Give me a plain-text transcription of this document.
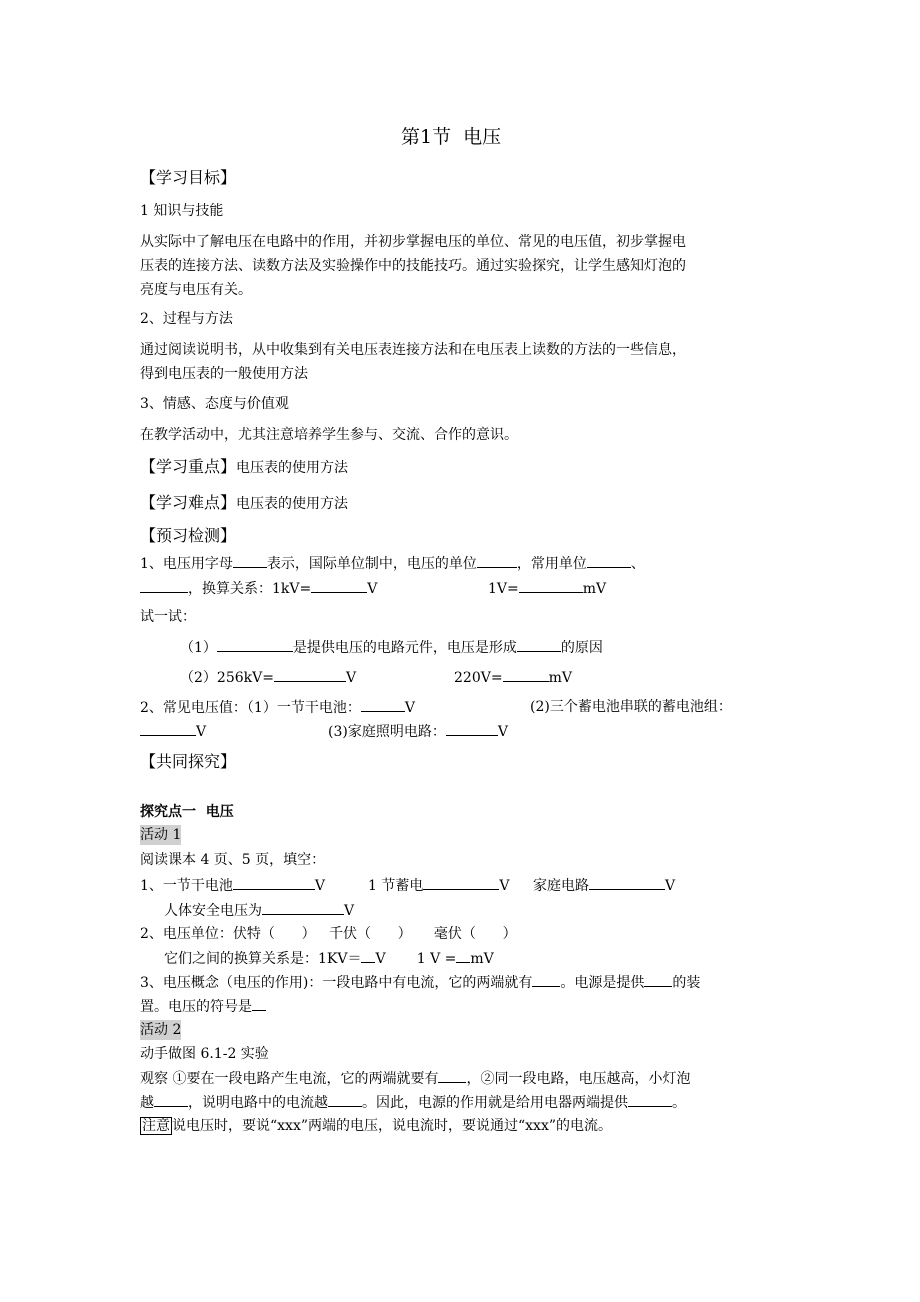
第1节  电压
【学习目标】
1 知识与技能
从实际中了解电压在电路中的作用，并初步掌握电压的单位、常见的电压值，初步掌握电
压表的连接方法、读数方法及实验操作中的技能技巧。通过实验探究，让学生感知灯泡的
亮度与电压有关。
2、过程与方法
通过阅读说明书，从中收集到有关电压表连接方法和在电压表上读数的方法的一些信息，
得到电压表的一般使用方法
3、情感、态度与价值观
在教学活动中，尤其注意培养学生参与、交流、合作的意识。
【学习重点】电压表的使用方法
【学习难点】电压表的使用方法
【预习检测】
1、电压用字母 表示，国际单位制中，电压的单位	，常用单位	、
，换算关系：1kV=	V	1V=	mV
试一试：
（1）	是提供电压的电路元件，电压是形成	的原因
（2）256kV=	V	220V=	mV
2、常见电压值：（1）一节干电池：	V	(2)三个蓄电池串联的蓄电池组：
V	(3)家庭照明电路：	V
【共同探究】
探究点一  电压
活动 1
阅读课本 4 页、5 页，填空：
1、一节干电池	V	1 节蓄电	V 家庭电路	V
人体安全电压为	V
2、电压单位：伏特（      ）   千伏（      ）     毫伏（      ）
它们之间的换算关系是：1KV＝ V       1 V = mV
3、电压概念（电压的作用)：一段电路中有电流，它的两端就有 。电源是提供 的装
置。电压的符号是
活动 2
动手做图 6.1-2 实验
观察 ①要在一段电路产生电流，它的两端就要有 ，②同一段电路，电压越高，小灯泡
越 ，说明电路中的电流越 。因此，电源的作用就是给用电器两端提供	。
注意 说电压时，要说“xxx”两端的电压，说电流时，要说通过“xxx”的电流。
